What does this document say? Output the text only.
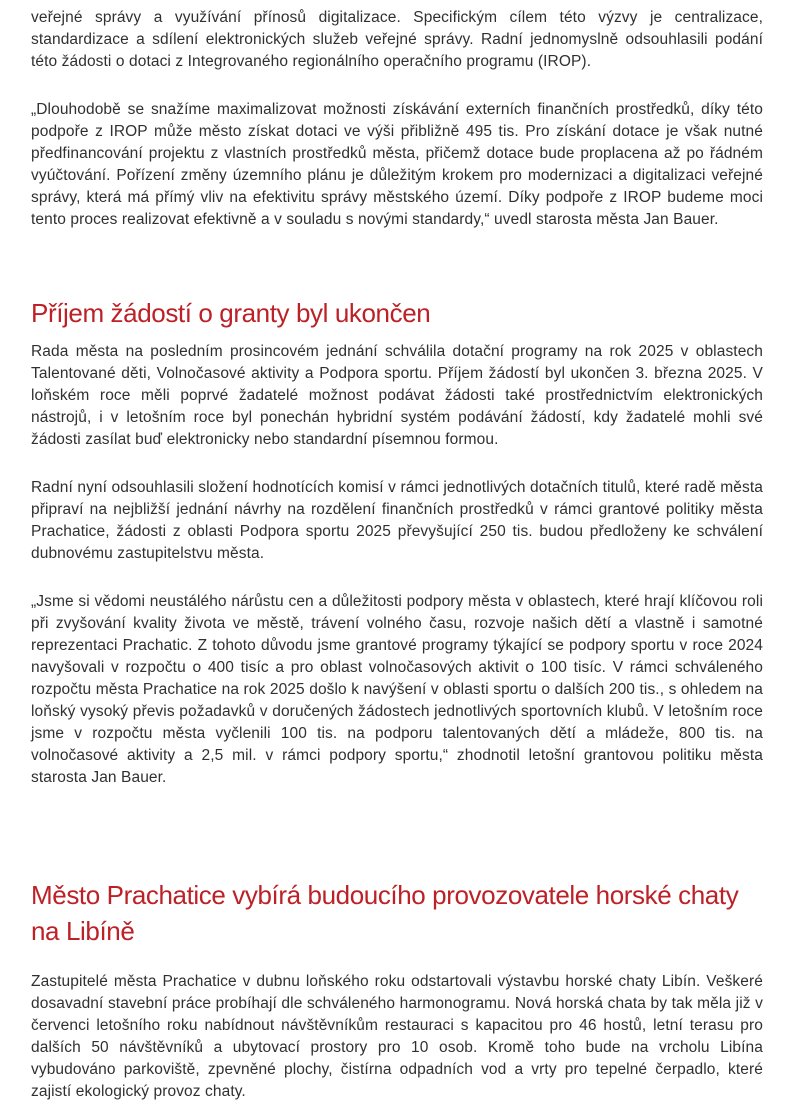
veřejné správy a využívání přínosů digitalizace. Specifickým cílem této výzvy je centralizace, standardizace a sdílení elektronických služeb veřejné správy. Radní jednomyslně odsouhlasili podání této žádosti o dotaci z Integrovaného regionálního operačního programu (IROP).

„Dlouhodobě se snažíme maximalizovat možnosti získávání externích finančních prostředků, díky této podpoře z IROP může město získat dotaci ve výši přibližně 495 tis. Pro získání dotace je však nutné předfinancování projektu z vlastních prostředků města, přičemž dotace bude proplacena až po řádném vyúčtování. Pořízení změny územního plánu je důležitým krokem pro modernizaci a digitalizaci veřejné správy, která má přímý vliv na efektivitu správy městského území. Díky podpoře z IROP budeme moci tento proces realizovat efektivně a v souladu s novými standardy,“ uvedl starosta města Jan Bauer.

Příjem žádostí o granty byl ukončen

Rada města na posledním prosincovém jednání schválila dotační programy na rok 2025 v oblastech Talentované děti, Volnočasové aktivity a Podpora sportu. Příjem žádostí byl ukončen 3. března 2025. V loňském roce měli poprvé žadatelé možnost podávat žádosti také prostřednictvím elektronických nástrojů, i v letošním roce byl ponechán hybridní systém podávání žádostí, kdy žadatelé mohli své žádosti zasílat buď elektronicky nebo standardní písemnou formou.

Radní nyní odsouhlasili složení hodnotících komisí v rámci jednotlivých dotačních titulů, které radě města připraví na nejbližší jednání návrhy na rozdělení finančních prostředků v rámci grantové politiky města Prachatice, žádosti z oblasti Podpora sportu 2025 převyšující 250 tis. budou předloženy ke schválení dubnovému zastupitelstvu města.

„Jsme si vědomi neustálého nárůstu cen a důležitosti podpory města v oblastech, které hrají klíčovou roli při zvyšování kvality života ve městě, trávení volného času, rozvoje našich dětí a vlastně i samotné reprezentaci Prachatic. Z tohoto důvodu jsme grantové programy týkající se podpory sportu v roce 2024 navyšovali v rozpočtu o 400 tisíc a pro oblast volnočasových aktivit o 100 tisíc. V rámci schváleného rozpočtu města Prachatice na rok 2025 došlo k navýšení v oblasti sportu o dalších 200 tis., s ohledem na loňský vysoký převis požadavků v doručených žádostech jednotlivých sportovních klubů. V letošním roce jsme v rozpočtu města vyčlenili 100 tis. na podporu talentovaných dětí a mládeže, 800 tis. na volnočasové aktivity a 2,5 mil. v rámci podpory sportu,“ zhodnotil letošní grantovou politiku města starosta Jan Bauer.

Město Prachatice vybírá budoucího provozovatele horské chaty na Libíně

Zastupitelé města Prachatice v dubnu loňského roku odstartovali výstavbu horské chaty Libín. Veškeré dosavadní stavební práce probíhají dle schváleného harmonogramu. Nová horská chata by tak měla již v červenci letošního roku nabídnout návštěvníkům restauraci s kapacitou pro 46 hostů, letní terasu pro dalších 50 návštěvníků a ubytovací prostory pro 10 osob. Kromě toho bude na vrcholu Libína vybudováno parkoviště, zpevněné plochy, čistírna odpadních vod a vrty pro tepelné čerpadlo, které zajistí ekologický provoz chaty.
